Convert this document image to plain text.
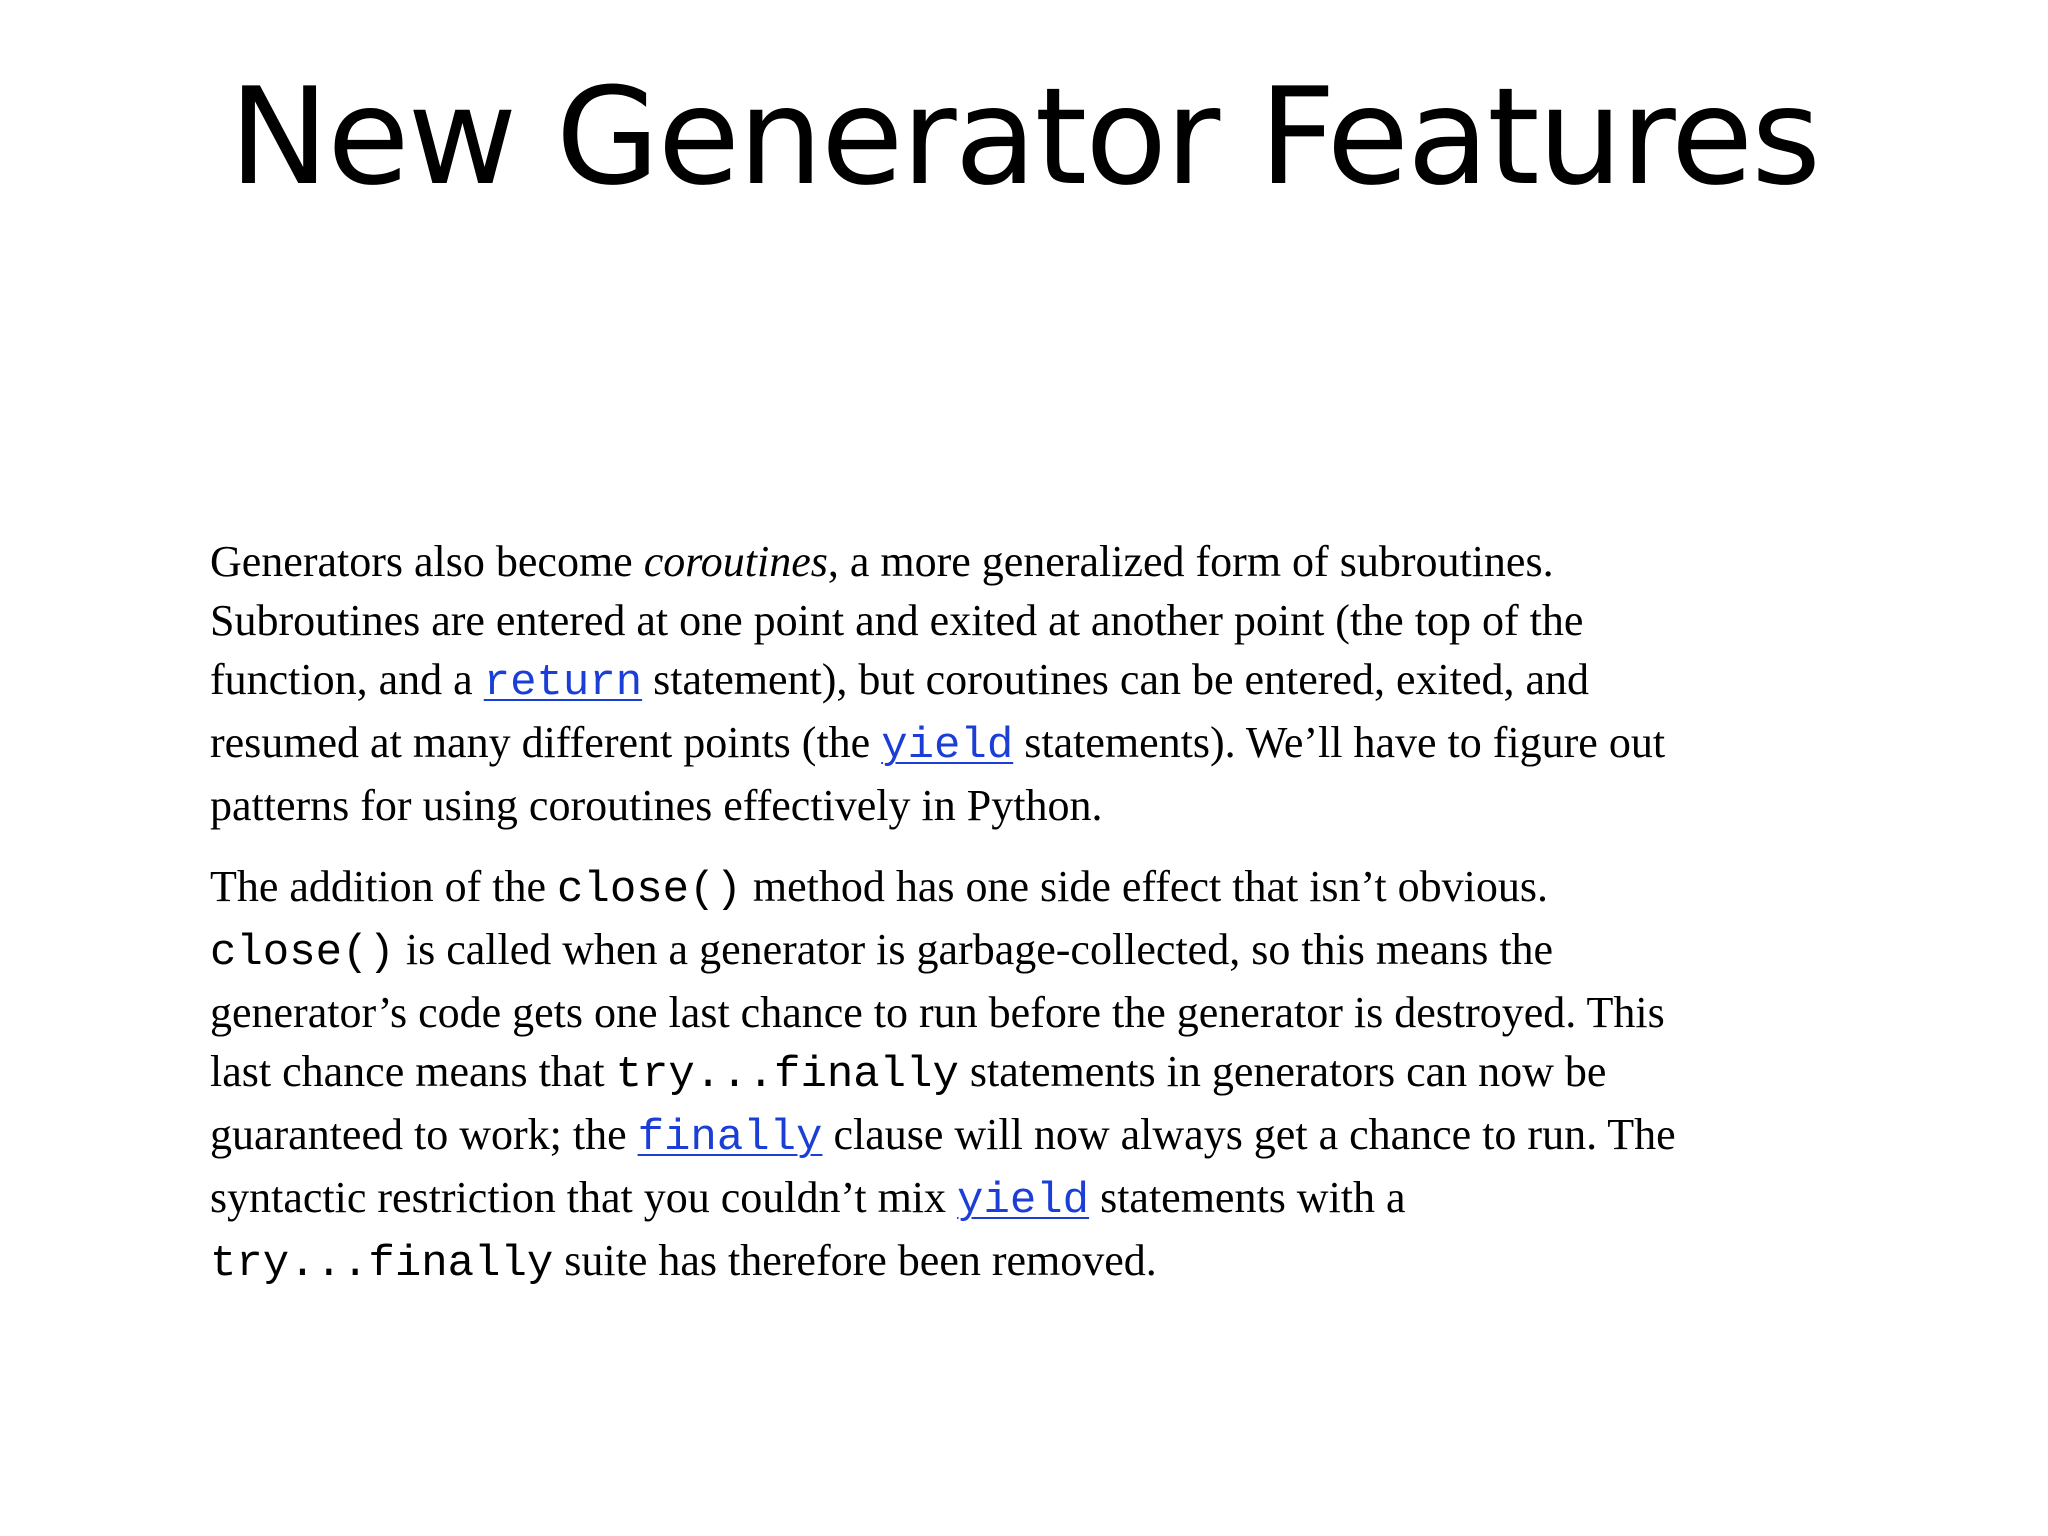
New Generator Features

Generators also become coroutines, a more generalized form of subroutines.
Subroutines are entered at one point and exited at another point (the top of the
function, and a return statement), but coroutines can be entered, exited, and
resumed at many different points (the yield statements). We’ll have to figure out
patterns for using coroutines effectively in Python.

The addition of the close() method has one side effect that isn’t obvious.
close() is called when a generator is garbage-collected, so this means the
generator’s code gets one last chance to run before the generator is destroyed. This
last chance means that try...finally statements in generators can now be
guaranteed to work; the finally clause will now always get a chance to run. The
syntactic restriction that you couldn’t mix yield statements with a
try...finally suite has therefore been removed.
